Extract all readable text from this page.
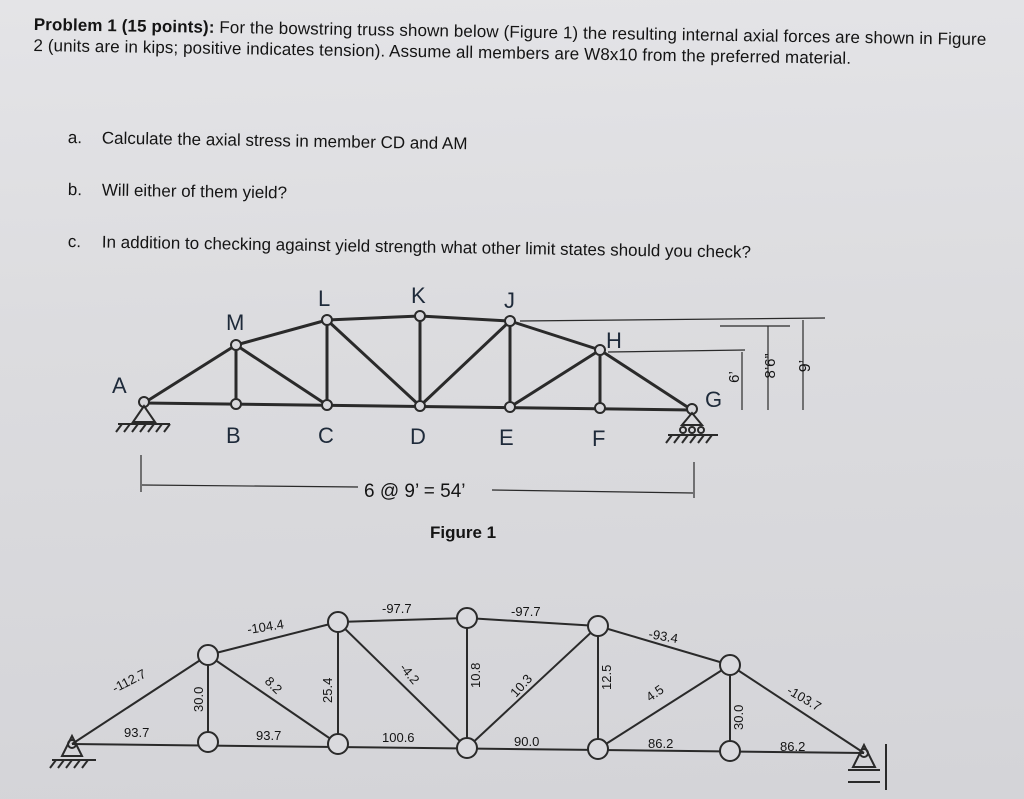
Problem 1 (15 points): For the bowstring truss shown below (Figure 1) the resulting internal axial forces are shown in Figure 2 (units are in kips; positive indicates tension). Assume all members are W8x10 from the preferred material.
a. Calculate the axial stress in member CD and AM
b. Will either of them yield?
c. In addition to checking against yield strength what other limit states should you check?
A
B	C	D	E	F
G
H
J
K
L
M
6 @ 9’ = 54’
Figure 1
6’ 8’6” 9’
-112.7
-104.4
-97.7	-97.7
-93.4
-103.7
93.7	93.7	100.6	90.0	86.2	86.2
30.0	25.4
10.8	12.5
30.0
8.2	-4.2	10.3	4.5
